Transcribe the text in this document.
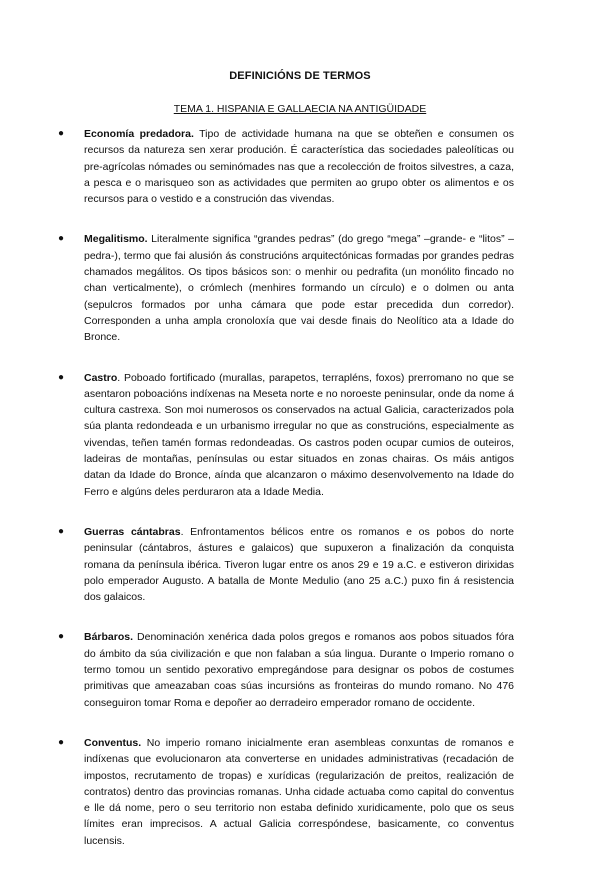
DEFINICIÓNS DE TERMOS
TEMA 1. HISPANIA E GALLAECIA NA ANTIGÜIDADE
● Economía predadora. Tipo de actividade humana na que se obteñen e consumen os recursos da natureza sen xerar produción. É característica das sociedades paleolíticas ou pre-agrícolas nómades ou seminómades nas que a recolección de froitos silvestres, a caza, a pesca e o marisqueo son as actividades que permiten ao grupo obter os alimentos e os recursos para o vestido e a construción das vivendas.
● Megalitismo. Literalmente significa “grandes pedras” (do grego “mega” –grande- e “litos” –pedra-), termo que fai alusión ás construcións arquitectónicas formadas por grandes pedras chamados megálitos. Os tipos básicos son: o menhir ou pedrafita (un monólito fincado no chan verticalmente), o crómlech (menhires formando un círculo) e o dolmen ou anta (sepulcros formados por unha cámara que pode estar precedida dun corredor). Corresponden a unha ampla cronoloxía que vai desde finais do Neolítico ata a Idade do Bronce.
● Castro. Poboado fortificado (murallas, parapetos, terrapléns, foxos) prerromano no que se asentaron poboacións indíxenas na Meseta norte e no noroeste peninsular, onde da nome á cultura castrexa. Son moi numerosos os conservados na actual Galicia, caracterizados pola súa planta redondeada e un urbanismo irregular no que as construcións, especialmente as vivendas, teñen tamén formas redondeadas. Os castros poden ocupar cumios de outeiros, ladeiras de montañas, penínsulas ou estar situados en zonas chairas. Os máis antigos datan da Idade do Bronce, aínda que alcanzaron o máximo desenvolvemento na Idade do Ferro e algúns deles perduraron ata a Idade Media.
● Guerras cántabras. Enfrontamentos bélicos entre os romanos e os pobos do norte peninsular (cántabros, ástures e galaicos) que supuxeron a finalización da conquista romana da península ibérica. Tiveron lugar entre os anos 29 e 19 a.C. e estiveron dirixidas polo emperador Augusto. A batalla de Monte Medulio (ano 25 a.C.) puxo fin á resistencia dos galaicos.
● Bárbaros. Denominación xenérica dada polos gregos e romanos aos pobos situados fóra do ámbito da súa civilización e que non falaban a súa lingua. Durante o Imperio romano o termo tomou un sentido pexorativo empregándose para designar os pobos de costumes primitivas que ameazaban coas súas incursións as fronteiras do mundo romano. No 476 conseguiron tomar Roma e depoñer ao derradeiro emperador romano de occidente.
● Conventus. No imperio romano inicialmente eran asembleas conxuntas de romanos e indíxenas que evolucionaron ata converterse en unidades administrativas (recadación de impostos, recrutamento de tropas) e xurídicas (regularización de preitos, realización de contratos) dentro das provincias romanas. Unha cidade actuaba como capital do conventus e lle dá nome, pero o seu territorio non estaba definido xuridicamente, polo que os seus límites eran imprecisos. A actual Galicia correspóndese, basicamente, co conventus lucensis.
